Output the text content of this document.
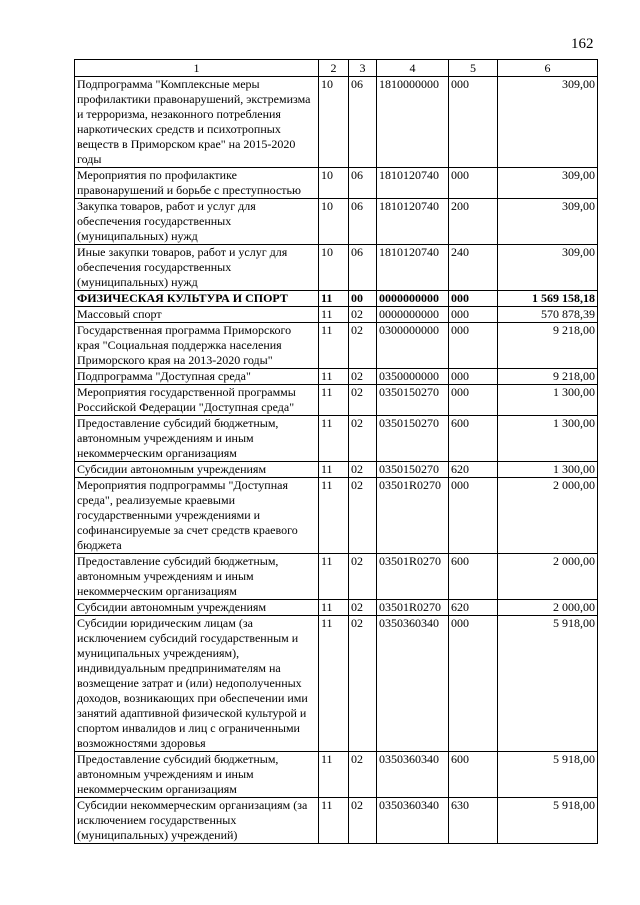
162
1	2	3	4	5	6
Подпрограмма "Комплексные меры профилактики правонарушений, экстремизма и терроризма, незаконного потребления наркотических средств и психотропных веществ в Приморском крае" на 2015-2020 годы	10	06	1810000000	000	309,00
Мероприятия по профилактике правонарушений и борьбе с преступностью	10	06	1810120740	000	309,00
Закупка товаров, работ и услуг для обеспечения государственных (муниципальных) нужд	10	06	1810120740	200	309,00
Иные закупки товаров, работ и услуг для обеспечения государственных (муниципальных) нужд	10	06	1810120740	240	309,00
ФИЗИЧЕСКАЯ КУЛЬТУРА И СПОРТ	11	00	0000000000	000	1 569 158,18
Массовый спорт	11	02	0000000000	000	570 878,39
Государственная программа Приморского края "Социальная поддержка населения Приморского края на 2013-2020 годы"	11	02	0300000000	000	9 218,00
Подпрограмма "Доступная среда"	11	02	0350000000	000	9 218,00
Мероприятия государственной программы Российской Федерации "Доступная среда"	11	02	0350150270	000	1 300,00
Предоставление субсидий бюджетным, автономным учреждениям и иным некоммерческим организациям	11	02	0350150270	600	1 300,00
Субсидии автономным учреждениям	11	02	0350150270	620	1 300,00
Мероприятия подпрограммы "Доступная среда", реализуемые краевыми государственными учреждениями и софинансируемые за счет средств краевого бюджета	11	02	03501R0270	000	2 000,00
Предоставление субсидий бюджетным, автономным учреждениям и иным некоммерческим организациям	11	02	03501R0270	600	2 000,00
Субсидии автономным учреждениям	11	02	03501R0270	620	2 000,00
Субсидии юридическим лицам (за исключением субсидий государственным и муниципальных учреждениям), индивидуальным предпринимателям на возмещение затрат и (или) недополученных доходов, возникающих при обеспечении ими занятий адаптивной физической культурой и спортом инвалидов и лиц с ограниченными возможностями здоровья	11	02	0350360340	000	5 918,00
Предоставление субсидий бюджетным, автономным учреждениям и иным некоммерческим организациям	11	02	0350360340	600	5 918,00
Субсидии некоммерческим организациям (за исключением государственных (муниципальных) учреждений)	11	02	0350360340	630	5 918,00
